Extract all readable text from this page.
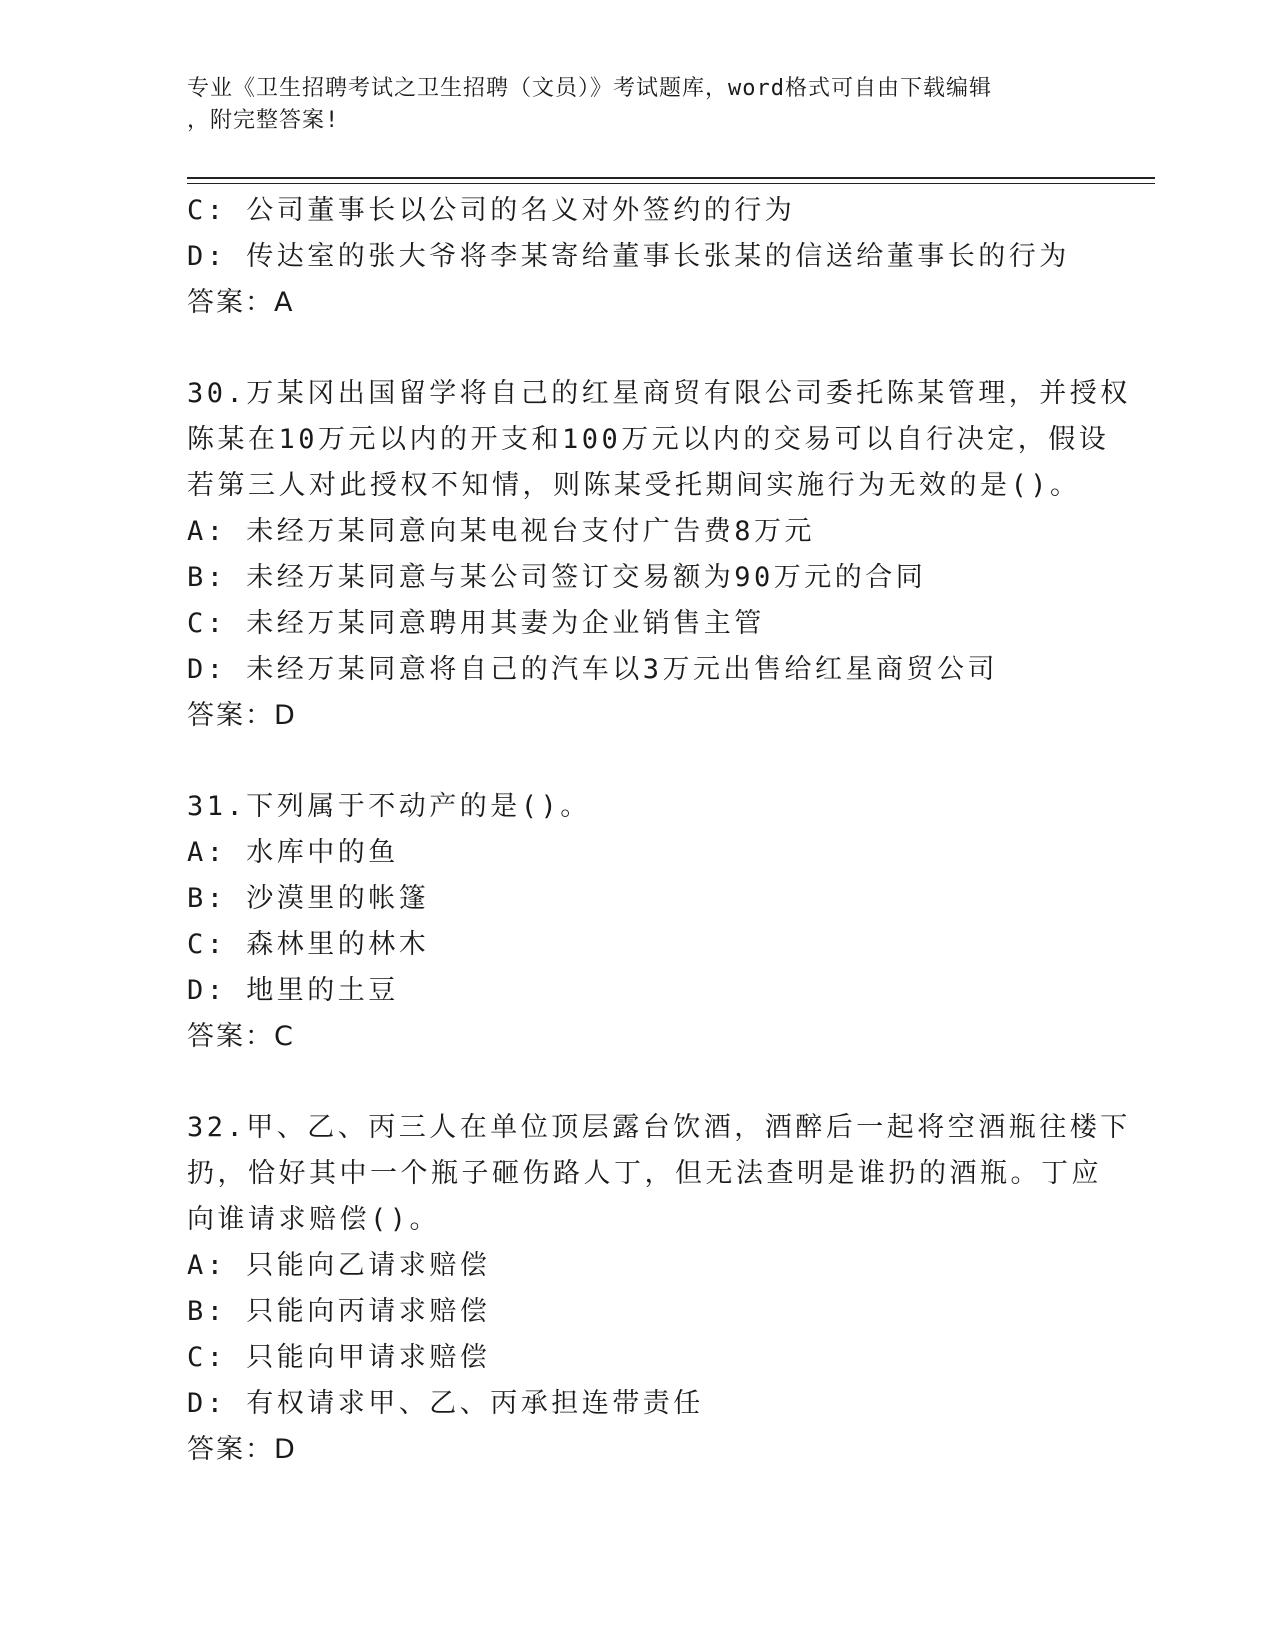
专业《卫生招聘考试之卫生招聘（文员）》考试题库，word格式可自由下载编辑
，附完整答案!
C: 公司董事长以公司的名义对外签约的行为
D: 传达室的张大爷将李某寄给董事长张某的信送给董事长的行为
答案：A
30.万某冈出国留学将自己的红星商贸有限公司委托陈某管理，并授权
陈某在10万元以内的开支和100万元以内的交易可以自行决定，假设
若第三人对此授权不知情，则陈某受托期间实施行为无效的是()。
A: 未经万某同意向某电视台支付广告费8万元
B: 未经万某同意与某公司签订交易额为90万元的合同
C: 未经万某同意聘用其妻为企业销售主管
D: 未经万某同意将自己的汽车以3万元出售给红星商贸公司
答案：D
31.下列属于不动产的是()。
A: 水库中的鱼
B: 沙漠里的帐篷
C: 森林里的林木
D: 地里的土豆
答案：C
32.甲、乙、丙三人在单位顶层露台饮酒，酒醉后一起将空酒瓶往楼下
扔，恰好其中一个瓶子砸伤路人丁，但无法查明是谁扔的酒瓶。丁应
向谁请求赔偿()。
A: 只能向乙请求赔偿
B: 只能向丙请求赔偿
C: 只能向甲请求赔偿
D: 有权请求甲、乙、丙承担连带责任
答案：D
